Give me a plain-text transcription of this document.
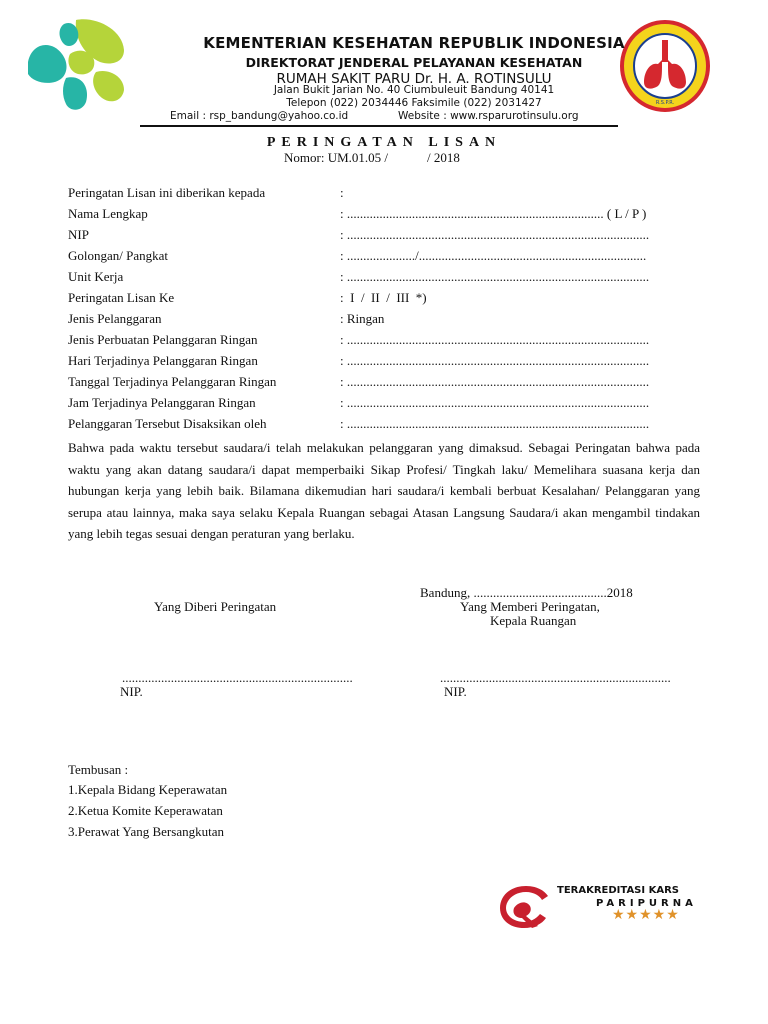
R.S.P.R.
KEMENTERIAN KESEHATAN REPUBLIK INDONESIA
DIREKTORAT JENDERAL PELAYANAN KESEHATAN
RUMAH SAKIT PARU Dr. H. A. ROTINSULU
Jalan Bukit Jarian No. 40 Ciumbuleuit Bandung 40141
Telepon (022) 2034446 Faksimile (022) 2031427
Email : rsp_bandung@yahoo.co.id	Website : www.rsparurotinsulu.org
PERINGATAN LISAN
Nomor: UM.01.05 /            / 2018
Peringatan Lisan ini diberikan kepada	:
Nama Lengkap	: ............................................................................... ( L / P )
NIP	: .............................................................................................
Golongan/ Pangkat	: ...................../......................................................................
Unit Kerja	: .............................................................................................
Peringatan Lisan Ke	:  I  /  II  /  III  *)
Jenis Pelanggaran	: Ringan
Jenis Perbuatan Pelanggaran Ringan	: .............................................................................................
Hari Terjadinya Pelanggaran Ringan	: .............................................................................................
Tanggal Terjadinya Pelanggaran Ringan	: .............................................................................................
Jam Terjadinya Pelanggaran Ringan	: .............................................................................................
Pelanggaran Tersebut Disaksikan oleh	: .............................................................................................
Bahwa pada waktu tersebut saudara/i telah melakukan pelanggaran yang dimaksud. Sebagai Peringatan bahwa pada waktu yang akan datang saudara/i dapat memperbaiki Sikap Profesi/ Tingkah laku/ Memelihara suasana kerja dan hubungan kerja yang lebih baik. Bilamana dikemudian hari saudara/i kembali berbuat Kesalahan/ Pelanggaran yang serupa atau lainnya, maka saya selaku Kepala Ruangan sebagai Atasan Langsung Saudara/i akan mengambil tindakan yang lebih tegas sesuai dengan peraturan yang berlaku.
Bandung, .........................................2018
Yang Diberi Peringatan	Yang Memberi Peringatan,
Kepala Ruangan
.......................................................................	.......................................................................
NIP.	NIP.
Tembusan :
1.Kepala Bidang Keperawatan
2.Ketua Komite Keperawatan
3.Perawat Yang Bersangkutan
TERAKREDITASI KARS
PARIPURNA
★★★★★
